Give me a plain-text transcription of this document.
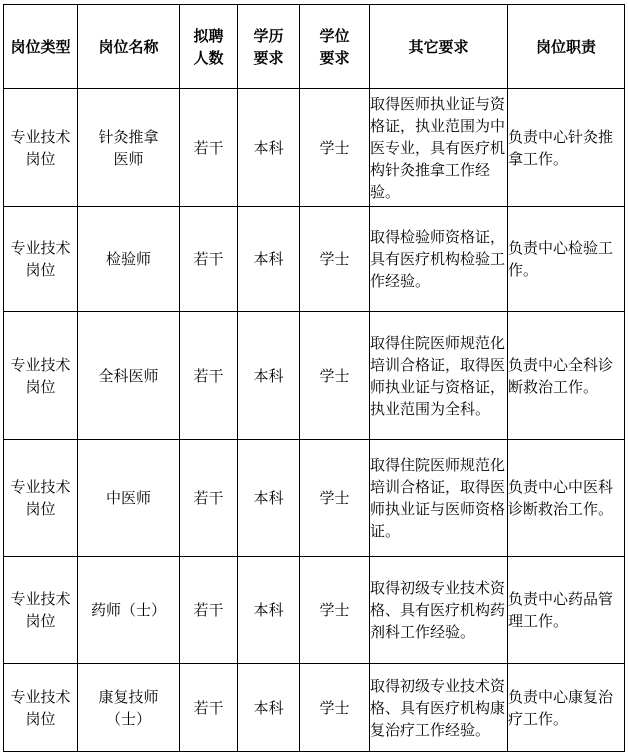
岗位类型	岗位名称	拟聘人数	学历要求	学位要求	其它要求	岗位职责
专业技术岗位	针灸推拿医师	若干	本科	学士	取得医师执业证与资格证，执业范围为中医专业，具有医疗机构针灸推拿工作经验。	负责中心针灸推拿工作。
专业技术岗位	检验师	若干	本科	学士	取得检验师资格证，具有医疗机构检验工作经验。	负责中心检验工作。
专业技术岗位	全科医师	若干	本科	学士	取得住院医师规范化培训合格证，取得医师执业证与资格证，执业范围为全科。	负责中心全科诊断救治工作。
专业技术岗位	中医师	若干	本科	学士	取得住院医师规范化培训合格证，取得医师执业证与医师资格证。	负责中心中医科诊断救治工作。
专业技术岗位	药师（士）	若干	本科	学士	取得初级专业技术资格、具有医疗机构药剂科工作经验。	负责中心药品管理工作。
专业技术岗位	康复技师（士）	若干	本科	学士	取得初级专业技术资格、具有医疗机构康复治疗工作经验。	负责中心康复治疗工作。
